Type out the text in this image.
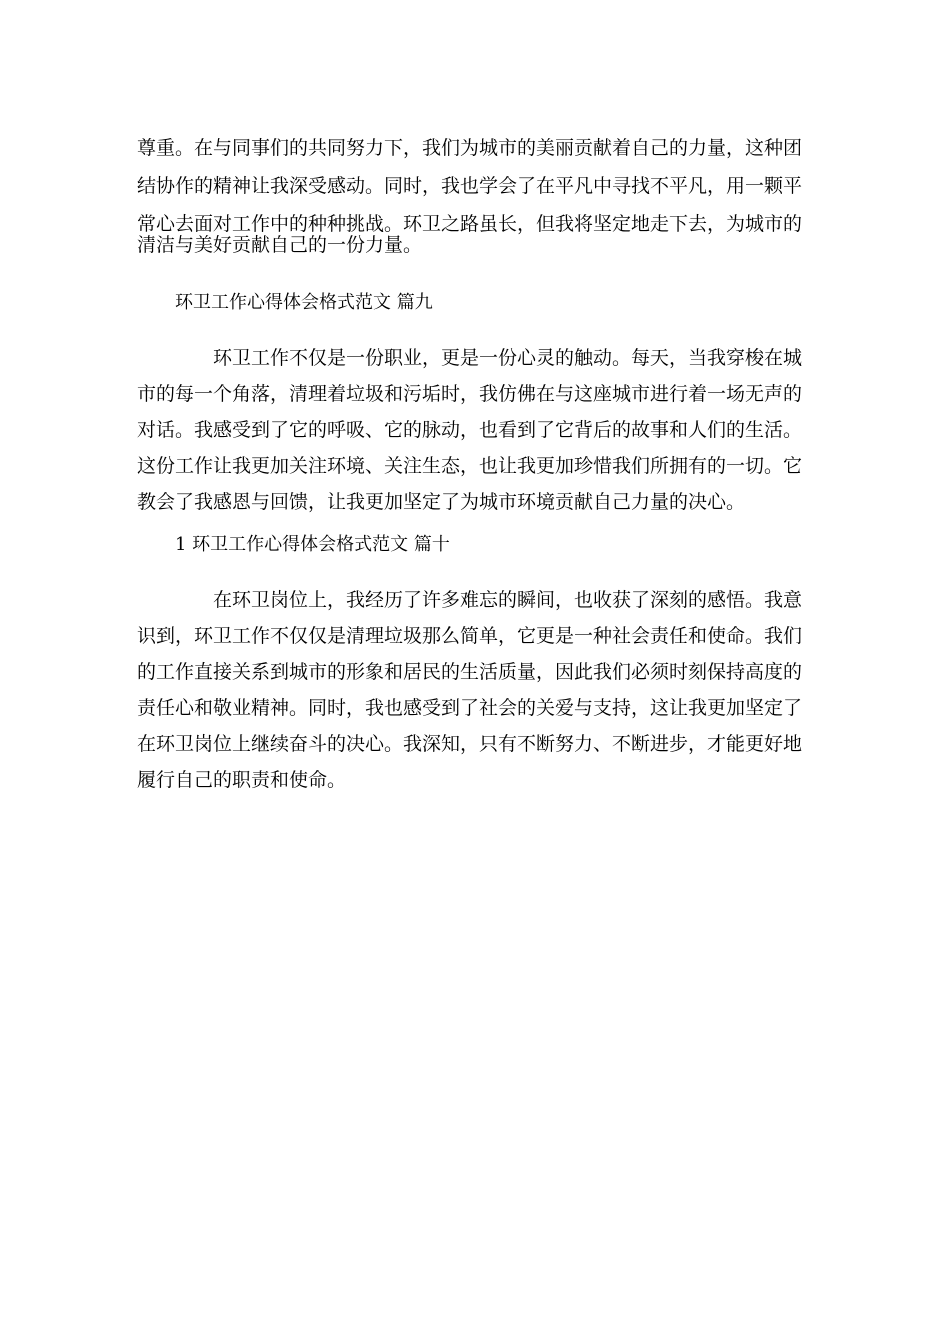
尊重。在与同事们的共同努力下，我们为城市的美丽贡献着自己的力量，这种团

结协作的精神让我深受感动。同时，我也学会了在平凡中寻找不平凡，用一颗平

常心去面对工作中的种种挑战。环卫之路虽长，但我将坚定地走下去，为城市的

清洁与美好贡献自己的一份力量。

环卫工作心得体会格式范文 篇九

环卫工作不仅是一份职业，更是一份心灵的触动。每天，当我穿梭在城

市的每一个角落，清理着垃圾和污垢时，我仿佛在与这座城市进行着一场无声的

对话。我感受到了它的呼吸、它的脉动，也看到了它背后的故事和人们的生活。

这份工作让我更加关注环境、关注生态，也让我更加珍惜我们所拥有的一切。它

教会了我感恩与回馈，让我更加坚定了为城市环境贡献自己力量的决心。

1 环卫工作心得体会格式范文 篇十

在环卫岗位上，我经历了许多难忘的瞬间，也收获了深刻的感悟。我意

识到，环卫工作不仅仅是清理垃圾那么简单，它更是一种社会责任和使命。我们

的工作直接关系到城市的形象和居民的生活质量，因此我们必须时刻保持高度的

责任心和敬业精神。同时，我也感受到了社会的关爱与支持，这让我更加坚定了

在环卫岗位上继续奋斗的决心。我深知，只有不断努力、不断进步，才能更好地

履行自己的职责和使命。
